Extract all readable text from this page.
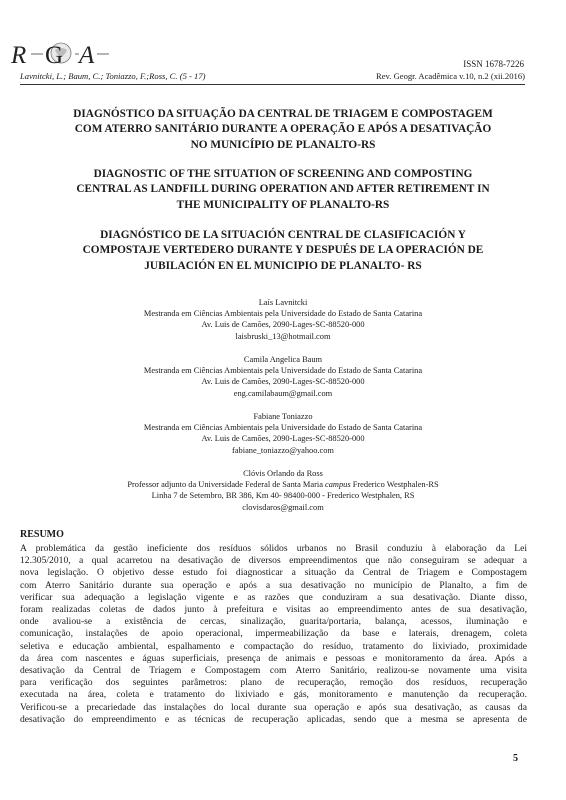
R G A	ISSN 1678-7226
Lavnitcki, L.; Baum, C.; Toniazzo, F.;Ross, C. (5 - 17)	Rev. Geogr. Acadêmica v.10, n.2 (xii.2016)
DIAGNÓSTICO DA SITUAÇÃO DA CENTRAL DE TRIAGEM E COMPOSTAGEM
COM ATERRO SANITÁRIO DURANTE A OPERAÇÃO E APÓS A DESATIVAÇÃO
NO MUNICÍPIO DE PLANALTO-RS
DIAGNOSTIC OF THE SITUATION OF SCREENING AND COMPOSTING
CENTRAL AS LANDFILL DURING OPERATION AND AFTER RETIREMENT IN
THE MUNICIPALITY OF PLANALTO-RS
DIAGNÓSTICO DE LA SITUACIÓN CENTRAL DE CLASIFICACIÓN Y
COMPOSTAJE VERTEDERO DURANTE Y DESPUÉS DE LA OPERACIÓN DE
JUBILACIÓN EN EL MUNICIPIO DE PLANALTO- RS
Laís Lavnitcki
Mestranda em Ciências Ambientais pela Universidade do Estado de Santa Catarina
Av. Luis de Camões, 2090-Lages-SC-88520-000
laisbruski_13@hotmail.com
Camila Angelica Baum
Mestranda em Ciências Ambientais pela Universidade do Estado de Santa Catarina
Av. Luis de Camões, 2090-Lages-SC-88520-000
eng.camilabaum@gmail.com
Fabiane Toniazzo
Mestranda em Ciências Ambientais pela Universidade do Estado de Santa Catarina
Av. Luis de Camões, 2090-Lages-SC-88520-000
fabiane_toniazzo@yahoo.com
Clóvis Orlando da Ross
Professor adjunto da Universidade Federal de Santa Maria campus Frederico Westphalen-RS
Linha 7 de Setembro, BR 386, Km 40- 98400-000 - Frederico Westphalen, RS
clovisdaros@gmail.com
RESUMO
A problemática da gestão ineficiente dos resíduos sólidos urbanos no Brasil conduziu à elaboração da Lei
12.305/2010, a qual acarretou na desativação de diversos empreendimentos que não conseguiram se adequar a
nova legislação. O objetivo desse estudo foi diagnosticar a situação da Central de Triagem e Compostagem
com Aterro Sanitário durante sua operação e após a sua desativação no município de Planalto, a fim de
verificar sua adequação a legislação vigente e as razões que conduziram a sua desativação. Diante disso,
foram realizadas coletas de dados junto à prefeitura e visitas ao empreendimento antes de sua desativação,
onde avaliou-se a existência de cercas, sinalização, guarita/portaria, balança, acessos, iluminação e
comunicação, instalações de apoio operacional, impermeabilização da base e laterais, drenagem, coleta
seletiva e educação ambiental, espalhamento e compactação do resíduo, tratamento do lixiviado, proximidade
da área com nascentes e águas superficiais, presença de animais e pessoas e monitoramento da área. Após a
desativação da Central de Triagem e Compostagem com Aterro Sanitário, realizou-se novamente uma visita
para verificação dos seguintes parâmetros: plano de recuperação, remoção dos resíduos, recuperação
executada na área, coleta e tratamento do lixiviado e gás, monitoramento e manutenção da recuperação.
Verificou-se a precariedade das instalações do local durante sua operação e após sua desativação, as causas da
desativação do empreendimento e as técnicas de recuperação aplicadas, sendo que a mesma se apresenta de
5
